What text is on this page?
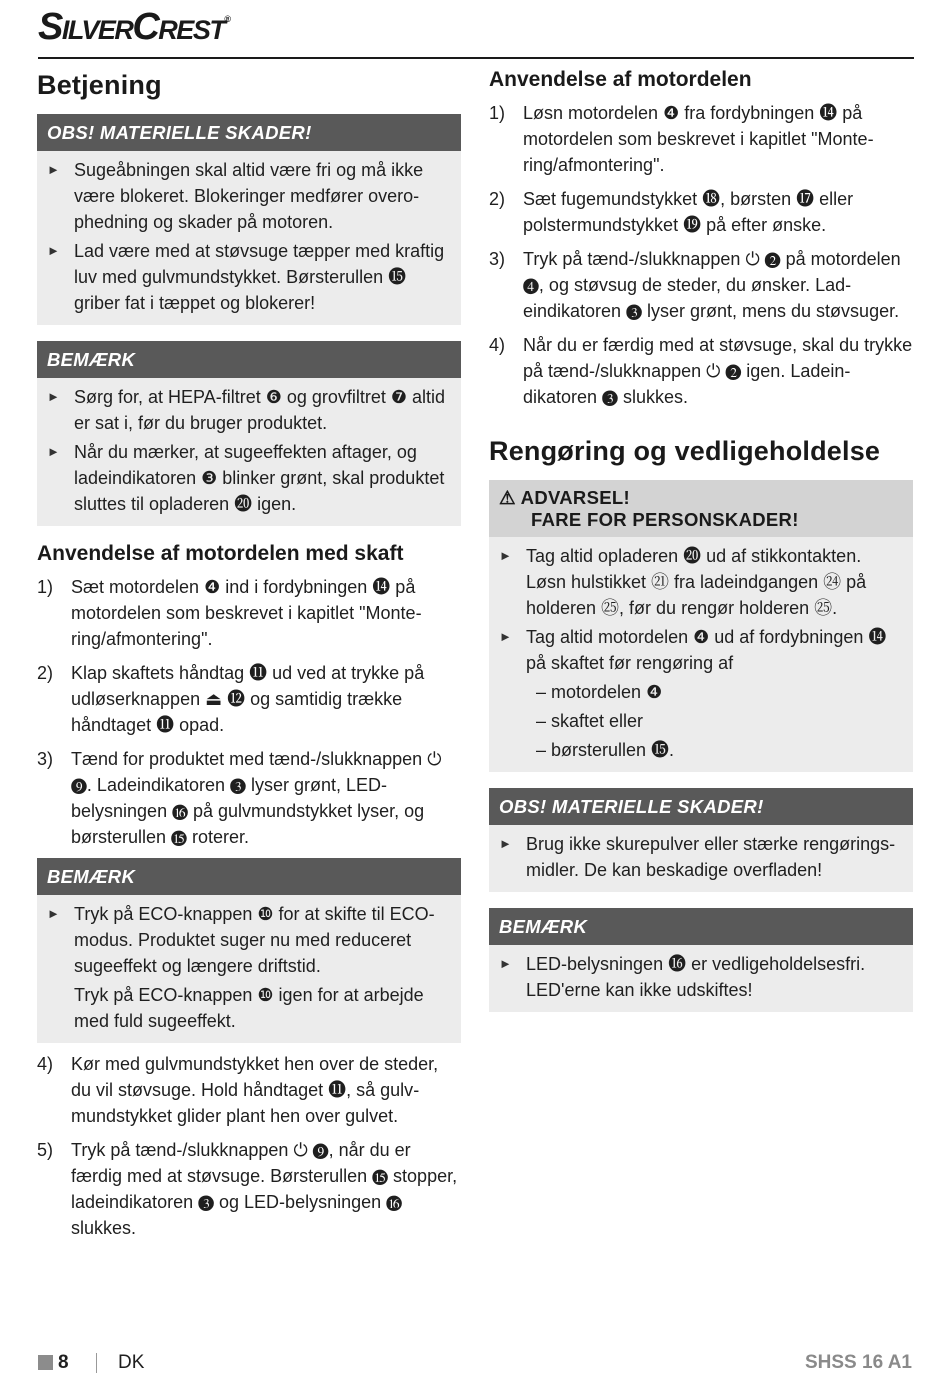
SilverCrest®
Betjening
OBS! MATERIELLE SKADER!
► Sugeåbningen skal altid være fri og må ikke være blokeret. Blokeringer medfører overophedning og skader på motoren.
► Lad være med at støvsuge tæpper med kraftig luv med gulvmundstykket. Børsterullen ⓯ griber fat i tæppet og blokerer!
BEMÆRK
► Sørg for, at HEPA-filtret ❻ og grovfiltret ❼ altid er sat i, før du bruger produktet.
► Når du mærker, at sugeeffekten aftager, og ladeindikatoren ❸ blinker grønt, skal produktet sluttes til opladeren ⓴ igen.
Anvendelse af motordelen med skaft
1) Sæt motordelen ❹ ind i fordybningen ⓮ på motordelen som beskrevet i kapitlet "Montering/afmontering".
2) Klap skaftets håndtag ⓫ ud ved at trykke på udløserknappen ⏏ ⓬ og samtidig trække håndtaget ⓫ opad.
3) Tænd for produktet med tænd-/slukknappen ⏻ ❾. Ladeindikatoren ❸ lyser grønt, LED-belysningen ⓰ på gulvmundstykket lyser, og børsterullen ⓯ roterer.
BEMÆRK
► Tryk på ECO-knappen ❿ for at skifte til ECO-modus. Produktet suger nu med reduceret sugeeffekt og længere driftstid.
Tryk på ECO-knappen ❿ igen for at arbejde med fuld sugeeffekt.
4) Kør med gulvmundstykket hen over de steder, du vil støvsuge. Hold håndtaget ⓫, så gulvmundstykket glider plant hen over gulvet.
5) Tryk på tænd-/slukknappen ⏻ ❾, når du er færdig med at støvsuge. Børsterullen ⓯ stopper, ladeindikatoren ❸ og LED-belysningen ⓰ slukkes.
Anvendelse af motordelen
1) Løsn motordelen ❹ fra fordybningen ⓮ på motordelen som beskrevet i kapitlet "Montering/afmontering".
2) Sæt fugemundstykket ⓲, børsten ⓱ eller polstermundstykket ⓳ på efter ønske.
3) Tryk på tænd-/slukknappen ⏻ ❷ på motordelen ❹, og støvsug de steder, du ønsker. Ladeindikatoren ❸ lyser grønt, mens du støvsuger.
4) Når du er færdig med at støvsuge, skal du trykke på tænd-/slukknappen ⏻ ❷ igen. Ladeindikatoren ❸ slukkes.
Rengøring og vedligeholdelse
⚠ ADVARSEL!
FARE FOR PERSONSKADER!
► Tag altid opladeren ⓴ ud af stikkontakten. Løsn hulstikket ㉑ fra ladeindgangen ㉔ på holderen ㉕, før du rengør holderen ㉕.
► Tag altid motordelen ❹ ud af fordybningen ⓮ på skaftet før rengøring af
– motordelen ❹
– skaftet eller
– børsterullen ⓯.
OBS! MATERIELLE SKADER!
► Brug ikke skurepulver eller stærke rengøringsmidler. De kan beskadige overfladen!
BEMÆRK
► LED-belysningen ⓰ er vedligeholdelsesfri. LED'erne kan ikke udskiftes!
8	DK	SHSS 16 A1
